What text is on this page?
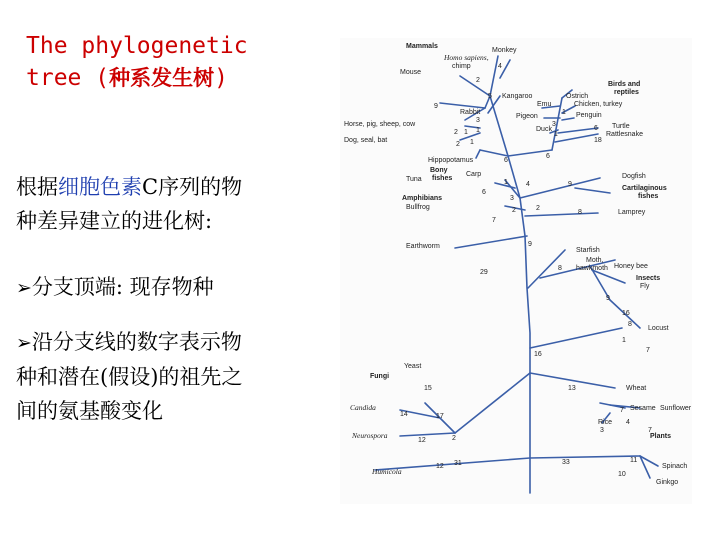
The phylogenetic
tree (种系发生树)
根据细胞色素C序列的物
种差异建立的进化树:
➢分支顶端: 现存物种
➢沿分支线的数字表示物
种和潜在(假设)的祖先之
间的氨基酸变化
Mammals
Monkey
Homo sapiens,
chimp
Mouse
Birds and
reptiles
Kangaroo	Ostrich
Emu	Chicken, turkey
Rabbit
Pigeon	Penguin
Horse, pig, sheep, cow
Duck	Turtle
Dog, seal, bat
Rattlesnake
Hippopotamus
Bony
fishes
Carp
Tuna	Dogfish
Amphibians
Bullfrog
Cartilaginous
fishes
Lamprey
Earthworm
Starfish
Moth,
hawkmoth Honey bee
Insects
Fly
Locust
Yeast
Fungi
Wheat
Candida	Sesame Sunflower
Rice
Neurospora	Plants
Spinach
Humicola
Ginkgo
4
2
5
9
3
1
2 1
2 1
1
3
6
1
18
6
6
1	4	9
6
3
2
7
2	8
9
29
8
9
16
8
1
7
16
15	13
14	17
7
3
4
12	2
7
11
12 31	33
10
